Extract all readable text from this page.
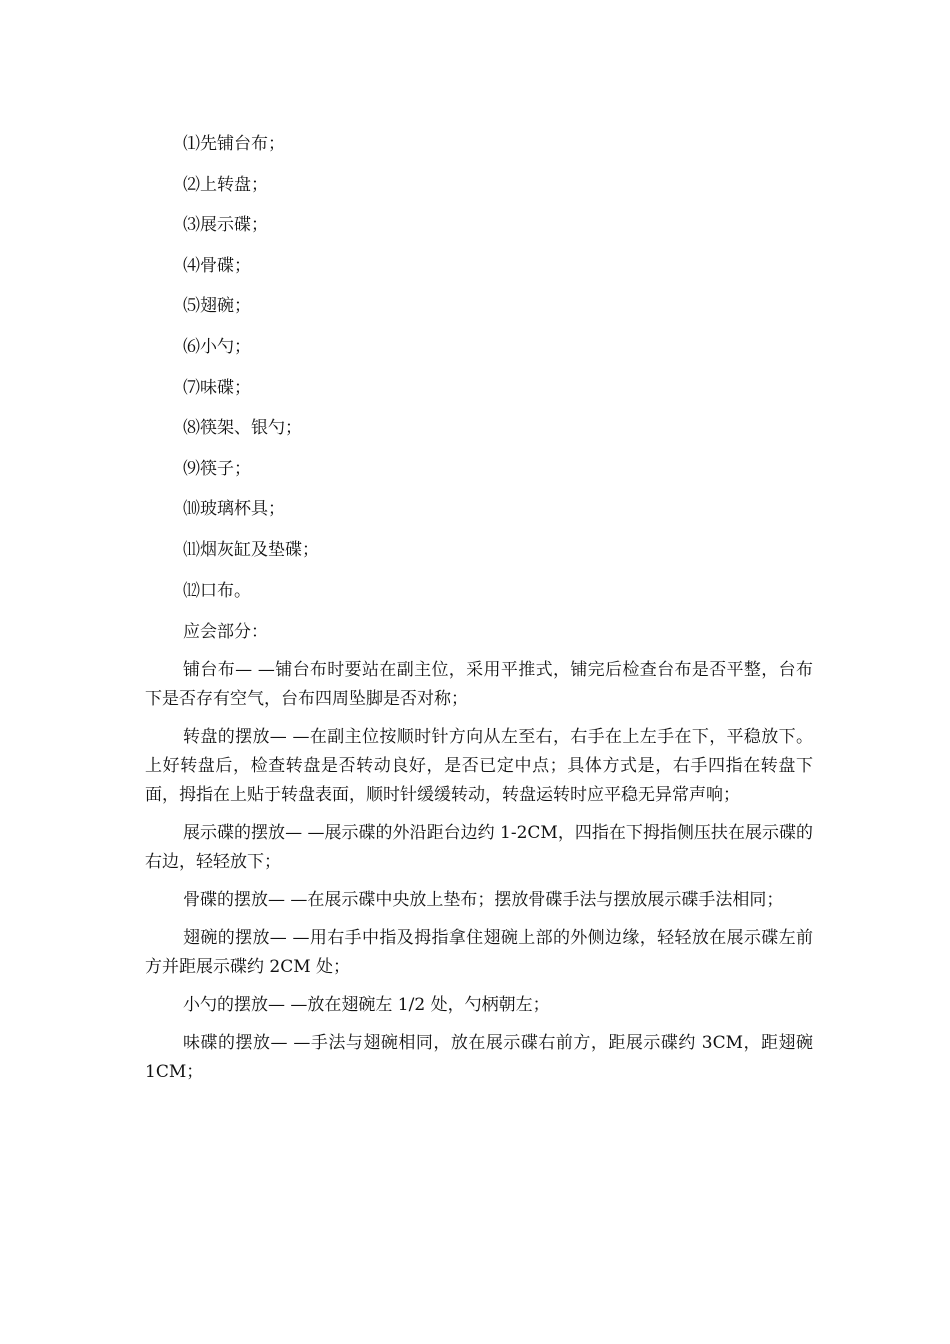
⑴先铺台布；
⑵上转盘；
⑶展示碟；
⑷骨碟；
⑸翅碗；
⑹小勺；
⑺味碟；
⑻筷架、银勺；
⑼筷子；
⑽玻璃杯具；
⑾烟灰缸及垫碟；
⑿口布。
应会部分：

铺台布— —铺台布时要站在副主位，采用平推式，铺完后检查台布是否平整，台布下是否存有空气，台布四周坠脚是否对称；

转盘的摆放— —在副主位按顺时针方向从左至右，右手在上左手在下，平稳放下。上好转盘后，检查转盘是否转动良好，是否已定中点；具体方式是，右手四指在转盘下面，拇指在上贴于转盘表面，顺时针缓缓转动，转盘运转时应平稳无异常声响；

展示碟的摆放— —展示碟的外沿距台边约 1-2CM，四指在下拇指侧压扶在展示碟的右边，轻轻放下；

骨碟的摆放— —在展示碟中央放上垫布；摆放骨碟手法与摆放展示碟手法相同；

翅碗的摆放— —用右手中指及拇指拿住翅碗上部的外侧边缘，轻轻放在展示碟左前方并距展示碟约 2CM 处；

小勺的摆放— —放在翅碗左 1/2 处，勺柄朝左；

味碟的摆放— —手法与翅碗相同，放在展示碟右前方，距展示碟约 3CM，距翅碗 1CM；
